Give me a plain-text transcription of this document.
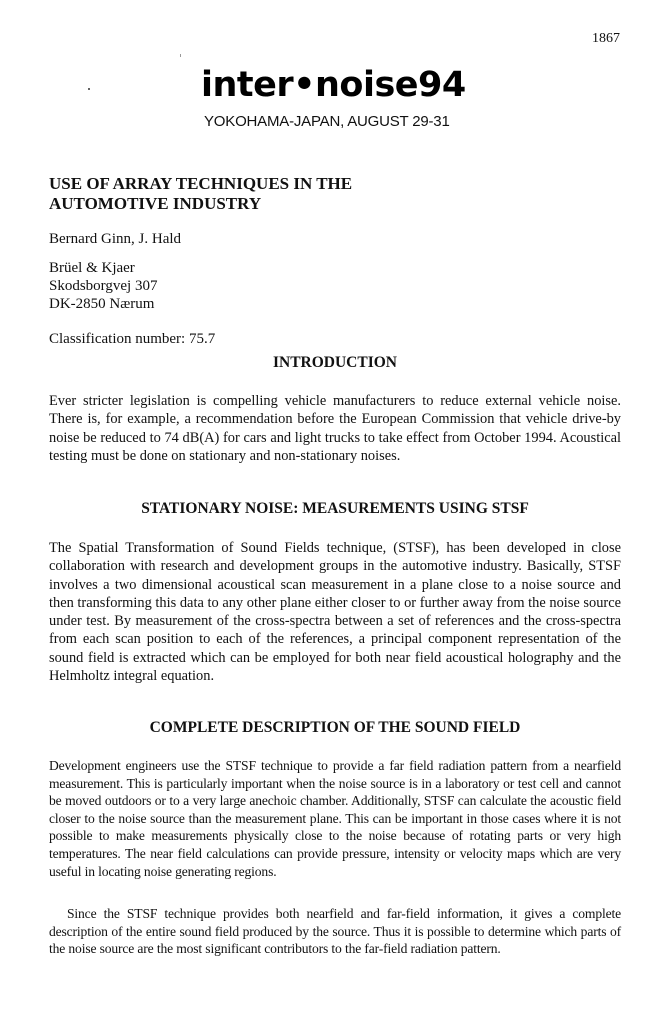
1867
inter•noise94
YOKOHAMA-JAPAN, AUGUST 29-31
USE OF ARRAY TECHNIQUES IN THE
AUTOMOTIVE INDUSTRY
Bernard Ginn, J. Hald
Brüel & Kjaer
Skodsborgvej 307
DK-2850 Nærum
Classification number: 75.7
INTRODUCTION

Ever stricter legislation is compelling vehicle manufacturers to reduce external vehicle noise. There is, for example, a recommendation before the European Commission that vehicle drive-by noise be reduced to 74 dB(A) for cars and light trucks to take effect from October 1994. Acoustical testing must be done on stationary and non-stationary noises.

STATIONARY NOISE: MEASUREMENTS USING STSF

The Spatial Transformation of Sound Fields technique, (STSF), has been developed in close collaboration with research and development groups in the automotive industry. Basically, STSF involves a two dimensional acoustical scan measurement in a plane close to a noise source and then transforming this data to any other plane either closer to or further away from the noise source under test. By measurement of the cross-spectra between a set of references and the cross-spectra from each scan position to each of the references, a principal component representation of the sound field is extracted which can be employed for both near field acoustical holography and the Helmholtz integral equation.

COMPLETE DESCRIPTION OF THE SOUND FIELD

Development engineers use the STSF technique to provide a far field radiation pattern from a nearfield measurement. This is particularly important when the noise source is in a laboratory or test cell and cannot be moved outdoors or to a very large anechoic chamber. Additionally, STSF can calculate the acoustic field closer to the noise source than the measurement plane. This can be important in those cases where it is not possible to make measurements physically close to the noise because of rotating parts or very high temperatures. The near field calculations can provide pressure, intensity or velocity maps which are very useful in locating noise generating regions.

Since the STSF technique provides both nearfield and far-field information, it gives a complete description of the entire sound field produced by the source. Thus it is possible to determine which parts of the noise source are the most significant contributors to the far-field radiation pattern.
